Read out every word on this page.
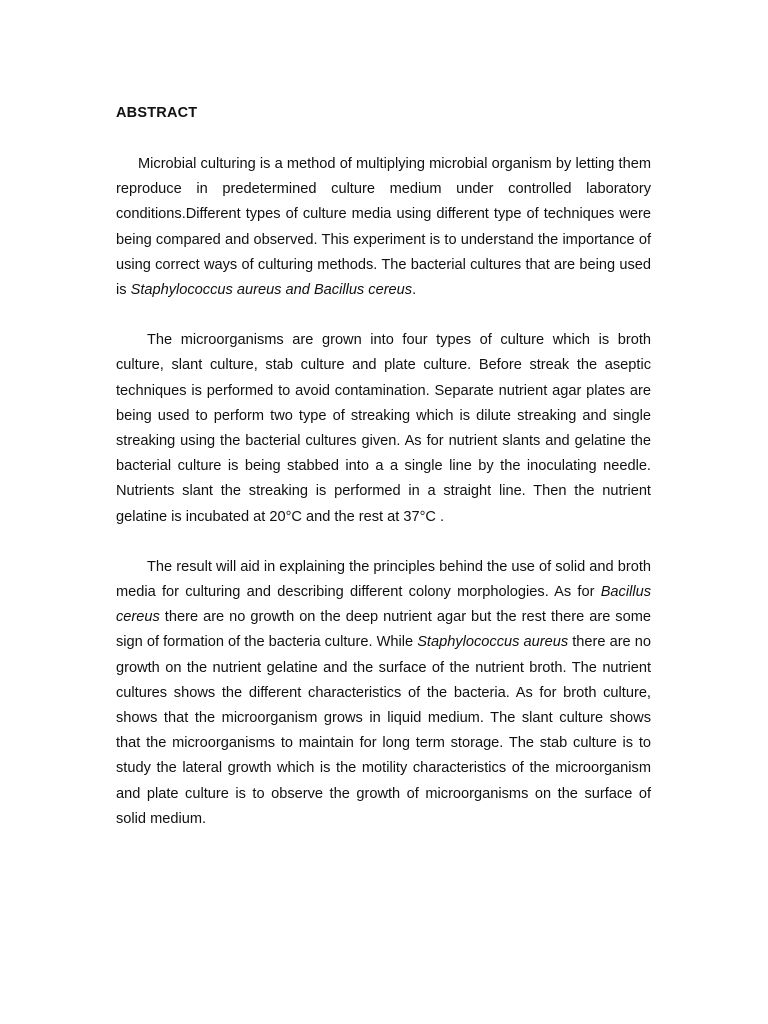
ABSTRACT

Microbial culturing is a method of multiplying microbial organism by letting them reproduce in predetermined culture medium under controlled laboratory conditions.Different types of culture media using different type of techniques were being compared and observed. This experiment is to understand the importance of using correct ways of culturing methods. The bacterial cultures that are being used is Staphylococcus aureus and Bacillus cereus.

The microorganisms are grown into four types of culture which is broth culture, slant culture, stab culture and plate culture. Before streak the aseptic techniques is performed to avoid contamination. Separate nutrient agar plates are being used to perform two type of streaking which is dilute streaking and single streaking using the bacterial cultures given. As for nutrient slants and gelatine the bacterial culture is being stabbed into a a single line by the inoculating needle. Nutrients slant the streaking is performed in a straight line. Then the nutrient gelatine is incubated at 20°C and the rest at 37°C .

The result will aid in explaining the principles behind the use of solid and broth media for culturing and describing different colony morphologies. As for Bacillus cereus there are no growth on the deep nutrient agar but the rest there are some sign of formation of the bacteria culture. While Staphylococcus aureus there are no growth on the nutrient gelatine and the surface of the nutrient broth. The nutrient cultures shows the different characteristics of the bacteria. As for broth culture, shows that the microorganism grows in liquid medium. The slant culture shows that the microorganisms to maintain for long term storage. The stab culture is to study the lateral growth which is the motility characteristics of the microorganism and plate culture is to observe the growth of microorganisms on the surface of solid medium.
